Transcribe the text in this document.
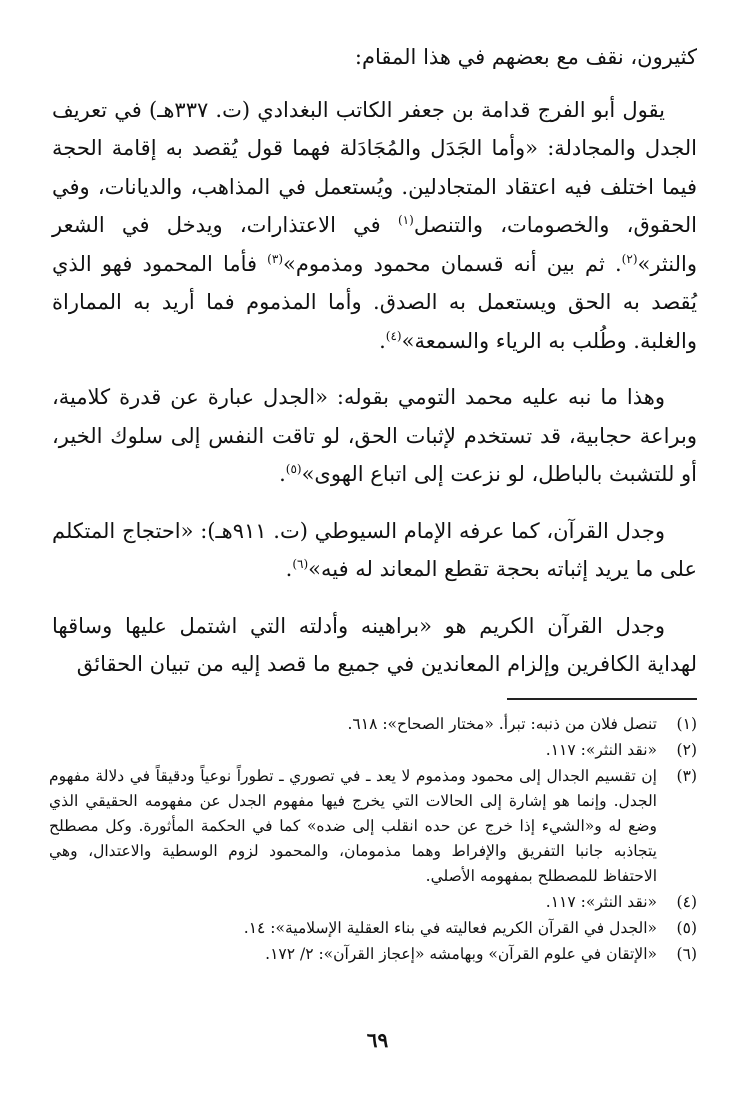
كثيرون، نقف مع بعضهم في هذا المقام:

يقول أبو الفرج قدامة بن جعفر الكاتب البغدادي (ت. ٣٣٧هـ) في تعريف الجدل والمجادلة: «وأما الجَدَل والمُجَادَلة فهما قول يُقصد به إقامة الحجة فيما اختلف فيه اعتقاد المتجادلين. ويُستعمل في المذاهب، والديانات، وفي الحقوق، والخصومات، والتنصل$^{(١)}$ في الاعتذارات، ويدخل في الشعر والنثر»$^{(٢)}$. ثم بين أنه قسمان محمود ومذموم»$^{(٣)}$ فأما المحمود فهو الذي يُقصد به الحق ويستعمل به الصدق. وأما المذموم فما أريد به المماراة والغلبة. وطُلب به الرياء والسمعة»$^{(٤)}$.

وهذا ما نبه عليه محمد التومي بقوله: «الجدل عبارة عن قدرة كلامية، وبراعة حجابية، قد تستخدم لإثبات الحق، لو تاقت النفس إلى سلوك الخير، أو للتشبث بالباطل، لو نزعت إلى اتباع الهوى»$^{(٥)}$.

وجدل القرآن، كما عرفه الإمام السيوطي (ت. ٩١١هـ): «احتجاج المتكلم على ما يريد إثباته بحجة تقطع المعاند له فيه»$^{(٦)}$.

وجدل القرآن الكريم هو «براهينه وأدلته التي اشتمل عليها وساقها لهداية الكافرين وإلزام المعاندين في جميع ما قصد إليه من تبيان الحقائق

(١)
تنصل فلان من ذنبه: تبرأ. «مختار الصحاح»: ٦١٨.
(٢)
«نقد النثر»: ١١٧.
(٣)
إن تقسيم الجدال إلى محمود ومذموم لا يعد ـ في تصوري ـ تطوراً نوعياً ودقيقاً في دلالة مفهوم الجدل. وإنما هو إشارة إلى الحالات التي يخرج فيها مفهوم الجدل عن مفهومه الحقيقي الذي وضع له و«الشيء إذا خرج عن حده انقلب إلى ضده» كما في الحكمة المأثورة. وكل مصطلح يتجاذبه جانبا التفريق والإفراط وهما مذمومان، والمحمود لزوم الوسطية والاعتدال، وهي الاحتفاظ للمصطلح بمفهومه الأصلي.
(٤)
«نقد النثر»: ١١٧.
(٥)
«الجدل في القرآن الكريم فعاليته في بناء العقلية الإسلامية»: ١٤.
(٦)
«الإتقان في علوم القرآن» وبهامشه «إعجاز القرآن»: ٢/ ١٧٢.
٦٩
